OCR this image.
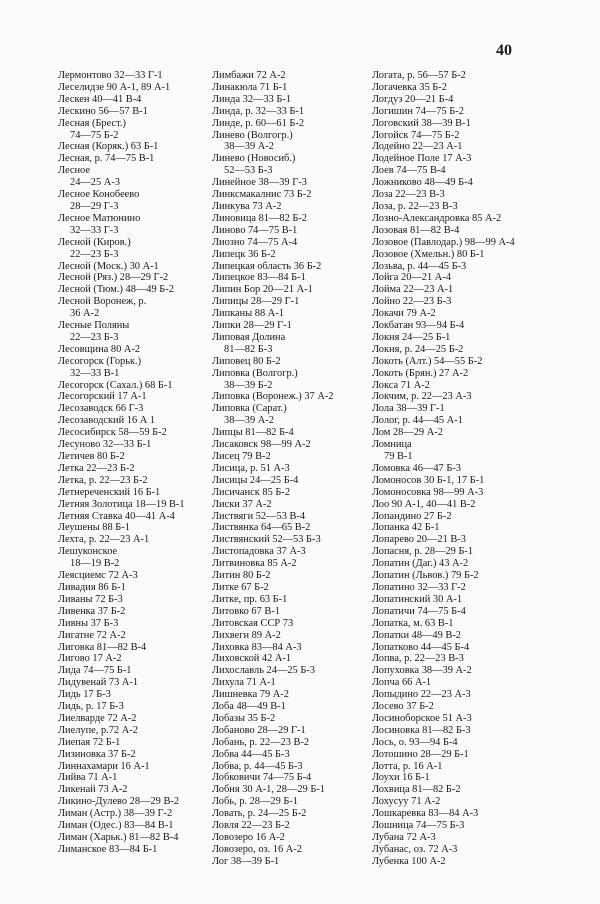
40
Лермонтово 32—33 Г-1
Леселидзе 90 А-1, 89 А-1
Лескен 40—41 В-4
Лескино 56—57 В-1
Лесная (Брест.)
74—75 Б-2
Лесная (Коряк.) 63 Б-1
Лесная, р. 74—75 В-1
Лесное
24—25 А-3
Лесное Конобеево
28—29 Г-3
Лесное Матюнино
32—33 Г-3
Лесной (Киров.)
22—23 Б-3
Лесной (Моск.) 30 А-1
Лесной (Ряз.) 28—29 Г-2
Лесной (Тюм.) 48—49 Б-2
Лесной Воронеж, р.
36 А-2
Лесные Поляны
22—23 Б-3
Лесовщина 80 А-2
Лесогорск (Горьк.)
32—33 В-1
Лесогорск (Сахал.) 68 Б-1
Лесогорский 17 А-1
Лесозаводск 66 Г-3
Лесозаводский 16 А 1
Лесосибирск 58—59 Б-2
Лесуново 32—33 Б-1
Летичев 80 Б-2
Летка 22—23 Б-2
Летка, р. 22—23 Б-2
Летнереченский 16 Б-1
Летняя Золотица 18—19 В-1
Летняя Ставка 40—41 А-4
Леушены 88 Б-1
Лехта, р. 22—23 А-1
Лешуконское
18—19 В-2
Леясциемс 72 А-3
Ливадия 86 Б-1
Ливаны 72 Б-3
Ливенка 37 Б-2
Ливны 37 Б-3
Лигатне 72 А-2
Лиговка 81—82 В-4
Лигово 17 А-2
Лида 74—75 Б-1
Лидувенай 73 А-1
Лидь 17 Б-3
Лидь, р. 17 Б-3
Лиелварде 72 А-2
Лиелупе, р.72 А-2
Лиепая 72 Б-1
Лизиновка 37 Б-2
Линнахамари 16 А-1
Лийва 71 А-1
Ликенай 73 А-2
Ликино-Дулево 28—29 В-2
Лиман (Астр.) 38—39 Г-2
Лиман (Одес.) 83—84 В-1
Лиман (Харьк.) 81—82 В-4
Лиманское 83—84 Б-1
Лимбажи 72 А-2
Линакюла 71 Б-1
Линда 32—33 Б-1
Линда, р. 32—33 Б-1
Линде, р. 60—61 Б-2
Линево (Волгогр.)
38—39 А-2
Линево (Новосиб.)
52—53 Б-3
Линейное 38—39 Г-3
Линксмакалнис 73 Б-2
Линкува 73 А-2
Линовица 81—82 Б-2
Линово 74—75 В-1
Лиозно 74—75 А-4
Липецк 36 Б-2
Липецкая область 36 Б-2
Липецкое 83—84 Б-1
Липин Бор 20—21 А-1
Липицы 28—29 Г-1
Липканы 88 А-1
Липки 28—29 Г-1
Липовая Долина
81—82 Б-3
Липовец 80 Б-2
Липовка (Волгогр.)
38—39 Б-2
Липовка (Воронеж.) 37 А-2
Липовка (Сарат.)
38—39 А-2
Липцы 81—82 Б-4
Лисаковск 98—99 А-2
Лисец 79 В-2
Лисица, р. 51 А-3
Лисицы 24—25 Б-4
Лисичанск 85 Б-2
Лиски 37 А-2
Листвяги 52—53 В-4
Листвянка 64—65 В-2
Листвянский 52—53 Б-3
Листопадовка 37 А-3
Литвиновка 85 А-2
Литин 80 Б-2
Литке 67 Б-2
Литке, пр. 63 Б-1
Литовко 67 В-1
Литовская ССР 73
Лихвеги 89 А-2
Лиховка 83—84 А-3
Лиховской 42 А-1
Лихославль 24—25 Б-3
Лихула 71 А-1
Лишневка 79 А-2
Лоба 48—49 В-1
Лобазы 35 Б-2
Лобаново 28—29 Г-1
Лобань, р. 22—23 В-2
Лобва 44—45 Б-3
Лобва, р. 44—45 Б-3
Лобковичи 74—75 Б-4
Лобня 30 А-1, 28—29 Б-1
Лобь, р. 28—29 Б-1
Ловать, р. 24—25 Б-2
Ловля 22—23 Б-2
Ловозеро 16 А-2
Ловозеро, оз. 16 А-2
Лог 38—39 Б-1
Логата, р. 56—57 Б-2
Логачевка 35 Б-2
Логдуз 20—21 Б-4
Логишин 74—75 Б-2
Логовский 38—39 В-1
Логойск 74—75 Б-2
Лодейно 22—23 А-1
Лодейное Поле 17 А-3
Лоев 74—75 В-4
Ложниково 48—49 Б-4
Лоза 22—23 В-3
Лоза, р. 22—23 В-3
Лозно-Александровка 85 А-2
Лозовая 81—82 В-4
Лозовое (Павлодар.) 98—99 А-4
Лозовое (Хмельн.) 80 Б-1
Лозьва, р. 44—45 Б-3
Лойга 20—21 А-4
Лойма 22—23 А-1
Лойно 22—23 Б-3
Локачи 79 А-2
Локбатан 93—94 Б-4
Локня 24—25 Б-1
Локня, р. 24—25 Б-2
Локоть (Алт.) 54—55 Б-2
Локоть (Брян.) 27 А-2
Локса 71 А-2
Локчим, р. 22—23 А-3
Лола 38—39 Г-1
Лолог, р. 44—45 А-1
Лом 28—29 А-2
Ломница
79 В-1
Ломовка 46—47 Б-3
Ломоносов 30 Б-1, 17 Б-1
Ломоносовка 98—99 А-3
Лоо 90 А-1, 40—41 В-2
Лопандино 27 Б-2
Лопанка 42 Б-1
Лопарево 20—21 В-3
Лопасня, р. 28—29 Б-1
Лопатин (Даг.) 43 А-2
Лопатин (Львов.) 79 Б-2
Лопатино 32—33 Г-2
Лопатинский 30 А-1
Лопатичи 74—75 Б-4
Лопатка, м. 63 В-1
Лопатки 48—49 В-2
Лопатково 44—45 Б-4
Лопва, р. 22—23 В-3
Лопуховка 38—39 А-2
Лопча 66 А-1
Лопыдино 22—23 А-3
Лосево 37 Б-2
Лосиноборское 51 А-3
Лосиновка 81—82 Б-3
Лось, о. 93—94 Б-4
Лотошино 28—29 Б-1
Лотта, р. 16 А-1
Лоухи 16 Б-1
Лохвица 81—82 Б-2
Лохусуу 71 А-2
Лошкаревка 83—84 А-3
Лошница 74—75 Б-3
Лубана 72 А-3
Лубанас, оз. 72 А-3
Лубенка 100 А-2
